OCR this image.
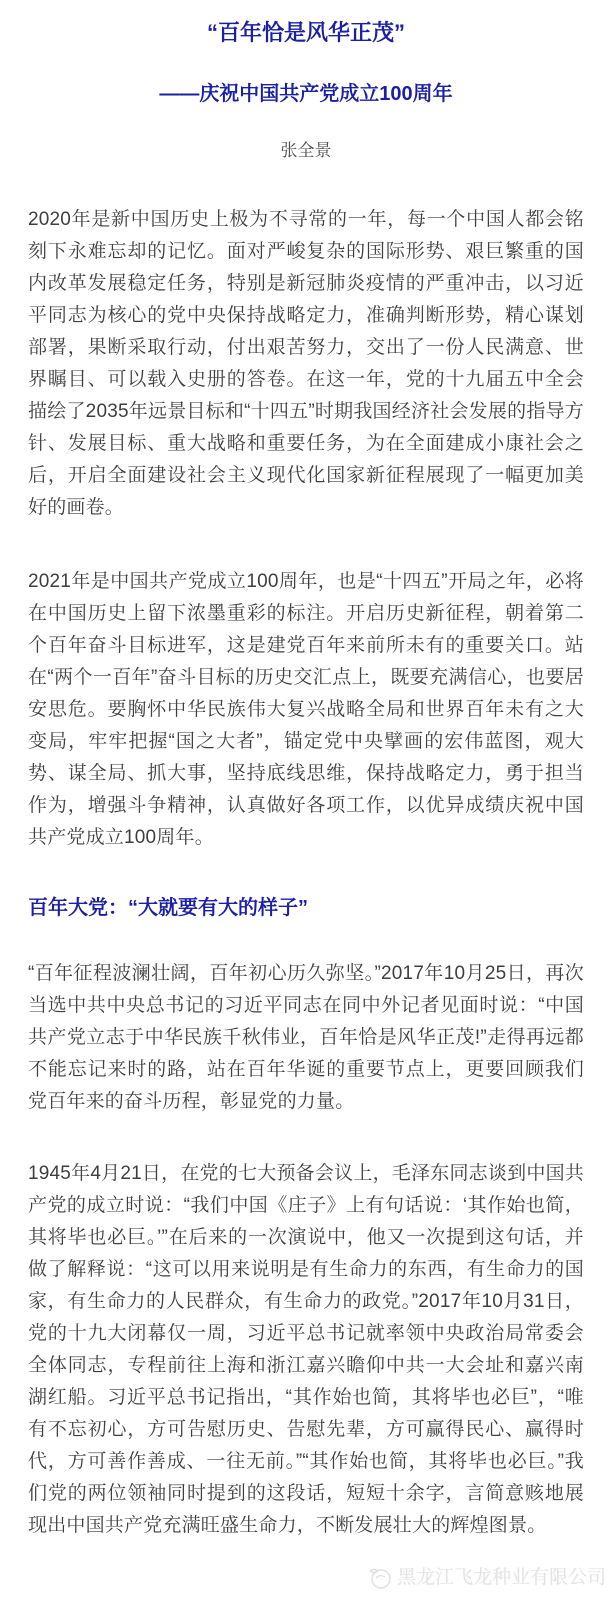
“百年恰是风华正茂”
——庆祝中国共产党成立100周年
张全景

2020年是新中国历史上极为不寻常的一年，每一个中国人都会铭刻下永难忘却的记忆。面对严峻复杂的国际形势、艰巨繁重的国内改革发展稳定任务，特别是新冠肺炎疫情的严重冲击，以习近平同志为核心的党中央保持战略定力，准确判断形势，精心谋划部署，果断采取行动，付出艰苦努力，交出了一份人民满意、世界瞩目、可以载入史册的答卷。在这一年，党的十九届五中全会描绘了2035年远景目标和“十四五”时期我国经济社会发展的指导方针、发展目标、重大战略和重要任务，为在全面建成小康社会之后，开启全面建设社会主义现代化国家新征程展现了一幅更加美好的画卷。

2021年是中国共产党成立100周年，也是“十四五”开局之年，必将在中国历史上留下浓墨重彩的标注。开启历史新征程，朝着第二个百年奋斗目标进军，这是建党百年来前所未有的重要关口。站在“两个一百年”奋斗目标的历史交汇点上，既要充满信心，也要居安思危。要胸怀中华民族伟大复兴战略全局和世界百年未有之大变局，牢牢把握“国之大者”，锚定党中央擘画的宏伟蓝图，观大势、谋全局、抓大事，坚持底线思维，保持战略定力，勇于担当作为，增强斗争精神，认真做好各项工作，以优异成绩庆祝中国共产党成立100周年。

百年大党：“大就要有大的样子”

“百年征程波澜壮阔，百年初心历久弥坚。”2017年10月25日，再次当选中共中央总书记的习近平同志在同中外记者见面时说：“中国共产党立志于中华民族千秋伟业，百年恰是风华正茂!”走得再远都不能忘记来时的路，站在百年华诞的重要节点上，更要回顾我们党百年来的奋斗历程，彰显党的力量。

1945年4月21日，在党的七大预备会议上，毛泽东同志谈到中国共产党的成立时说：“我们中国《庄子》上有句话说：‘其作始也简，其将毕也必巨。’”在后来的一次演说中，他又一次提到这句话，并做了解释说：“这可以用来说明是有生命力的东西，有生命力的国家，有生命力的人民群众，有生命力的政党。”2017年10月31日，党的十九大闭幕仅一周，习近平总书记就率领中央政治局常委会全体同志，专程前往上海和浙江嘉兴瞻仰中共一大会址和嘉兴南湖红船。习近平总书记指出，“其作始也简，其将毕也必巨”，“唯有不忘初心，方可告慰历史、告慰先辈，方可赢得民心、赢得时代，方可善作善成、一往无前。”“其作始也简，其将毕也必巨。”我们党的两位领袖同时提到的这段话，短短十余字，言简意赅地展现出中国共产党充满旺盛生命力，不断发展壮大的辉煌图景。

黑龙江飞龙种业有限公司
